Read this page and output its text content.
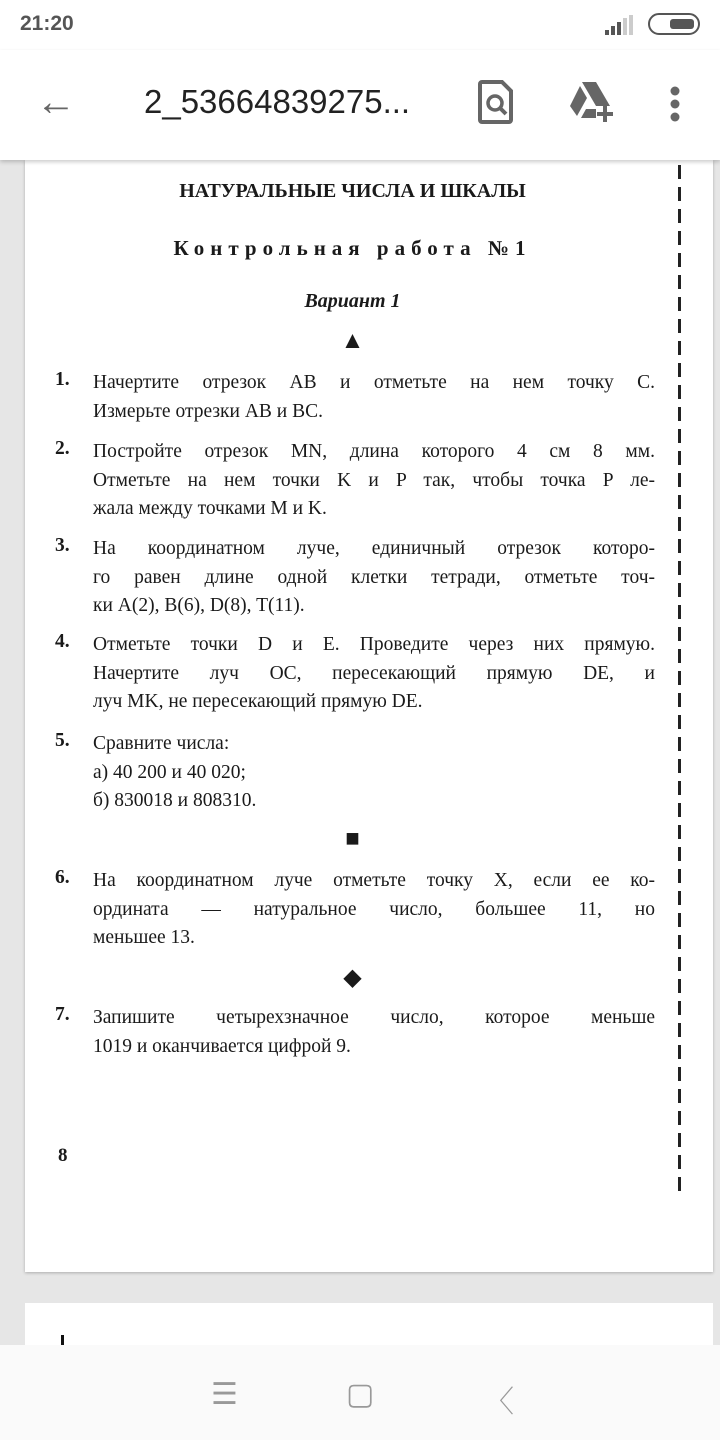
21:20
← 2_53664839275...
НАТУРАЛЬНЫЕ ЧИСЛА И ШКАЛЫ
Контрольная работа №1
Вариант 1
▲
1. Начертите отрезок AB и отметьте на нем точку C.
Измерьте отрезки AB и BC.
2. Постройте отрезок MN, длина которого 4 см 8 мм.
Отметьте на нем точки K и P так, чтобы точка P ле-
жала между точками M и K.
3. На координатном луче, единичный отрезок которо-
го равен длине одной клетки тетради, отметьте точ-
ки A(2), B(6), D(8), T(11).
4. Отметьте точки D и E. Проведите через них прямую.
Начертите луч OC, пересекающий прямую DE, и
луч MK, не пересекающий прямую DE.
5. Сравните числа:
а) 40 200 и 40 020;
б) 830018 и 808310.
■
6. На координатном луче отметьте точку X, если ее ко-
ордината — натуральное число, большее 11, но
меньшее 13.
◆
7. Запишите четырехзначное число, которое меньше
1019 и оканчивается цифрой 9.
8
☰	▢	〈
